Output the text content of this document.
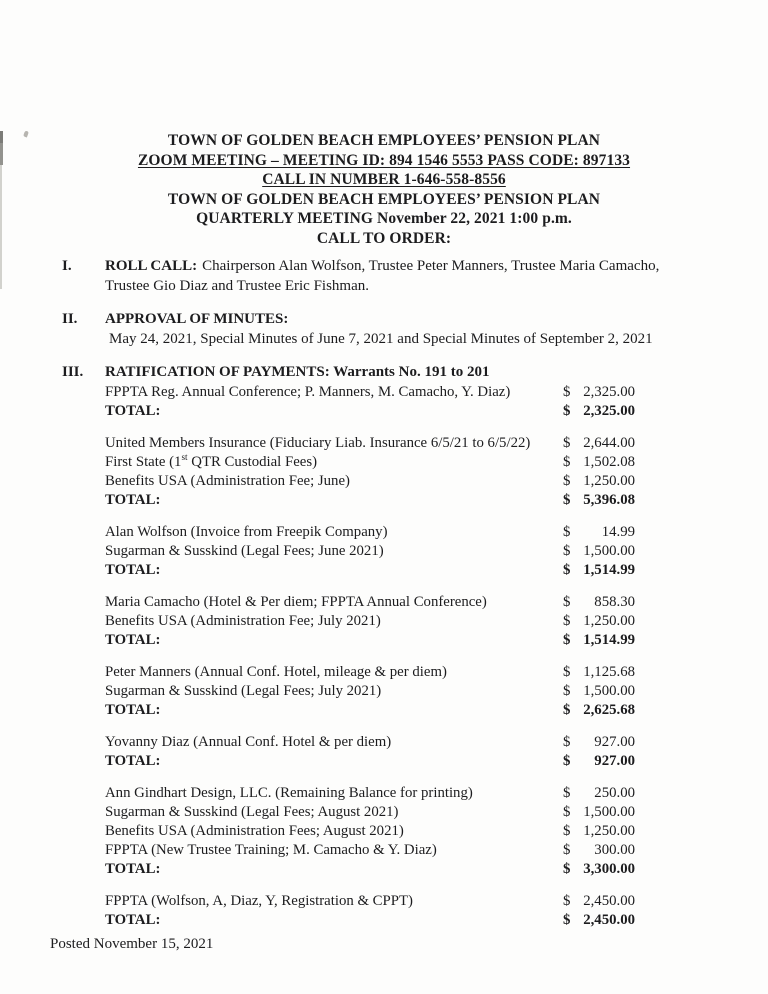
TOWN OF GOLDEN BEACH EMPLOYEES’ PENSION PLAN
ZOOM MEETING – MEETING ID: 894 1546 5553 PASS CODE: 897133
CALL IN NUMBER 1-646-558-8556
TOWN OF GOLDEN BEACH EMPLOYEES’ PENSION PLAN
QUARTERLY MEETING November 22, 2021 1:00 p.m.
CALL TO ORDER:
I.	ROLL CALL: Chairperson Alan Wolfson, Trustee Peter Manners, Trustee Maria Camacho,
Trustee Gio Diaz and Trustee Eric Fishman.
II.	APPROVAL OF MINUTES:
May 24, 2021, Special Minutes of June 7, 2021 and Special Minutes of September 2, 2021
III.	RATIFICATION OF PAYMENTS: Warrants No. 191 to 201
FPPTA Reg. Annual Conference; P. Manners, M. Camacho, Y. Diaz)	$ 2,325.00
TOTAL:	$ 2,325.00
United Members Insurance (Fiduciary Liab. Insurance 6/5/21 to 6/5/22) $ 2,644.00
First State (1st QTR Custodial Fees)	$ 1,502.08
Benefits USA (Administration Fee; June)	$ 1,250.00
TOTAL:	$ 5,396.08
Alan Wolfson (Invoice from Freepik Company)	$ 14.99
Sugarman & Susskind (Legal Fees; June 2021)	$ 1,500.00
TOTAL:	$ 1,514.99
Maria Camacho (Hotel & Per diem; FPPTA Annual Conference)	$ 858.30
Benefits USA (Administration Fee; July 2021)	$ 1,250.00
TOTAL:	$ 1,514.99
Peter Manners (Annual Conf. Hotel, mileage & per diem)	$ 1,125.68
Sugarman & Susskind (Legal Fees; July 2021)	$ 1,500.00
TOTAL:	$ 2,625.68
Yovanny Diaz (Annual Conf. Hotel & per diem)	$ 927.00
TOTAL:	$ 927.00
Ann Gindhart Design, LLC. (Remaining Balance for printing)	$ 250.00
Sugarman & Susskind (Legal Fees; August 2021)	$ 1,500.00
Benefits USA (Administration Fees; August 2021)	$ 1,250.00
FPPTA (New Trustee Training; M. Camacho & Y. Diaz)	$ 300.00
TOTAL:	$ 3,300.00
FPPTA (Wolfson, A, Diaz, Y, Registration & CPPT)	$ 2,450.00
TOTAL:	$ 2,450.00
Posted November 15, 2021
